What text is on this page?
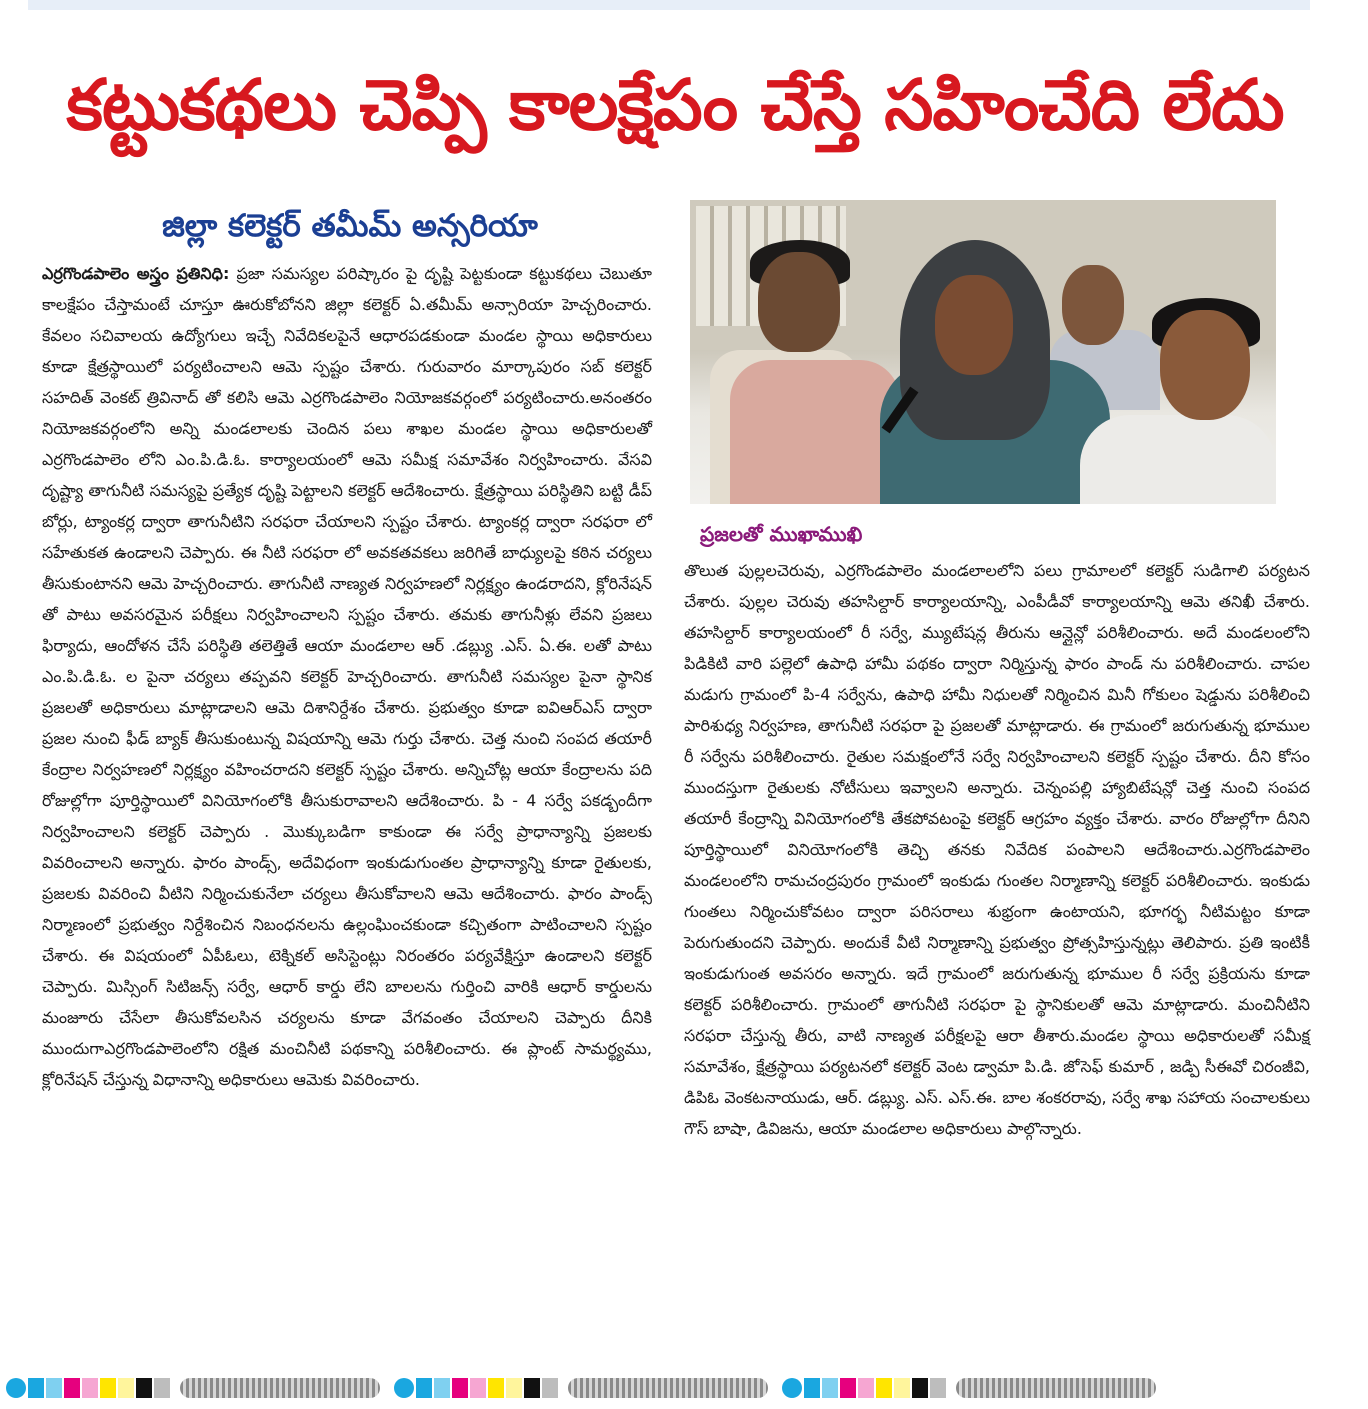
కట్టుకథలు చెప్పి కాలక్షేపం చేస్తే సహించేది లేదు
జిల్లా కలెక్టర్ తమీమ్ అన్సరియా

ఎర్రగొండపాలెం అస్త్రం ప్రతినిధి: ప్రజా సమస్యల పరిష్కారం పై దృష్టి పెట్టకుండా కట్టుకథలు చెబుతూ కాలక్షేపం చేస్తామంటే చూస్తూ ఊరుకోబోనని జిల్లా కలెక్టర్ ఏ.తమీమ్ అన్సారియా హెచ్చరించారు. కేవలం సచివాలయ ఉద్యోగులు ఇచ్చే నివేదికలపైనే ఆధారపడకుండా మండల స్థాయి అధికారులు కూడా క్షేత్రస్థాయిలో పర్యటించాలని ఆమె స్పష్టం చేశారు. గురువారం మార్కాపురం సబ్ కలెక్టర్ సహదిత్ వెంకట్ త్రివినాద్ తో కలిసి ఆమె ఎర్రగొండపాలెం నియోజకవర్గంలో పర్యటించారు.అనంతరం నియోజకవర్గంలోని అన్ని మండలాలకు చెందిన పలు శాఖల మండల స్థాయి అధికారులతో ఎర్రగొండపాలెం లోని ఎం.పి.డి.ఓ. కార్యాలయంలో ఆమె సమీక్ష సమావేశం నిర్వహించారు. వేసవి దృష్ట్యా తాగునీటి సమస్యపై ప్రత్యేక దృష్టి పెట్టాలని కలెక్టర్ ఆదేశించారు. క్షేత్రస్థాయి పరిస్థితిని బట్టి డీప్ బోర్లు, ట్యాంకర్ల ద్వారా తాగునీటిని సరఫరా చేయాలని స్పష్టం చేశారు. ట్యాంకర్ల ద్వారా సరఫరా లో సహేతుకత ఉండాలని చెప్పారు. ఈ నీటి సరఫరా లో అవకతవకలు జరిగితే బాధ్యులపై కఠిన చర్యలు తీసుకుంటానని ఆమె హెచ్చరించారు. తాగునీటి నాణ్యత నిర్వహణలో నిర్లక్ష్యం ఉండరాదని, క్లోరినేషన్ తో పాటు అవసరమైన పరీక్షలు నిర్వహించాలని స్పష్టం చేశారు. తమకు తాగునీళ్లు లేవని ప్రజలు ఫిర్యాదు, ఆందోళన చేసే పరిస్థితి తలెత్తితే ఆయా మండలాల ఆర్ .డబ్ల్యు .ఎస్. ఏ.ఈ. లతో పాటు ఎం.పి.డి.ఓ. ల పైనా చర్యలు తప్పవని కలెక్టర్ హెచ్చరించారు. తాగునీటి సమస్యల పైనా స్థానిక ప్రజలతో అధికారులు మాట్లాడాలని ఆమె దిశానిర్దేశం చేశారు. ప్రభుత్వం కూడా ఐవిఆర్ఎస్ ద్వారా ప్రజల నుంచి ఫీడ్ బ్యాక్ తీసుకుంటున్న విషయాన్ని ఆమె గుర్తు చేశారు. చెత్త నుంచి సంపద తయారీ కేంద్రాల నిర్వహణలో నిర్లక్ష్యం వహించరాదని కలెక్టర్ స్పష్టం చేశారు. అన్నిచోట్ల ఆయా కేంద్రాలను పది రోజుల్లోగా పూర్తిస్థాయిలో వినియోగంలోకి తీసుకురావాలని ఆదేశించారు. పి - 4 సర్వే పకడ్బందీగా నిర్వహించాలని కలెక్టర్ చెప్పారు . మొక్కుబడిగా కాకుండా ఈ సర్వే ప్రాధాన్యాన్ని ప్రజలకు వివరించాలని అన్నారు. ఫారం పాండ్స్, అదేవిధంగా ఇంకుడుగుంతల ప్రాధాన్యాన్ని కూడా రైతులకు, ప్రజలకు వివరించి వీటిని నిర్మించుకునేలా చర్యలు తీసుకోవాలని ఆమె ఆదేశించారు. ఫారం పాండ్స్ నిర్మాణంలో ప్రభుత్వం నిర్దేశించిన నిబంధనలను ఉల్లంఘించకుండా కచ్చితంగా పాటించాలని స్పష్టం చేశారు. ఈ విషయంలో ఏపీఓలు, టెక్నికల్ అసిస్టెంట్లు నిరంతరం పర్యవేక్షిస్తూ ఉండాలని కలెక్టర్ చెప్పారు. మిస్సింగ్ సిటిజన్స్ సర్వే, ఆధార్ కార్డు లేని బాలలను గుర్తించి వారికి ఆధార్ కార్డులను మంజూరు చేసేలా తీసుకోవలసిన చర్యలను కూడా వేగవంతం చేయాలని చెప్పారు దీనికి ముందుగాఎర్రగొండపాలెంలోని రక్షిత మంచినీటి పథకాన్ని పరిశీలించారు. ఈ ప్లాంట్ సామర్థ్యము, క్లోరినేషన్ చేస్తున్న విధానాన్ని అధికారులు ఆమెకు వివరించారు.

ప్రజలతో ముఖాముఖి

తొలుత పుల్లలచెరువు, ఎర్రగొండపాలెం మండలాలలోని పలు గ్రామాలలో కలెక్టర్ సుడిగాలి పర్యటన చేశారు. పుల్లల చెరువు తహసిల్దార్ కార్యాలయాన్ని, ఎంపీడీవో కార్యాలయాన్ని ఆమె తనిఖీ చేశారు. తహసిల్దార్ కార్యాలయంలో రీ సర్వే, మ్యుటేషన్ల తీరును ఆన్లైన్లో పరిశీలించారు. అదే మండలంలోని పిడికిటి వారి పల్లెలో ఉపాధి హామీ పథకం ద్వారా నిర్మిస్తున్న ఫారం పాండ్ ను పరిశీలించారు. చాపల మడుగు గ్రామంలో పి-4 సర్వేను, ఉపాధి హామీ నిధులతో నిర్మించిన మినీ గోకులం షెడ్డును పరిశీలించి పారిశుధ్య నిర్వహణ, తాగునీటి సరఫరా పై ప్రజలతో మాట్లాడారు. ఈ గ్రామంలో జరుగుతున్న భూముల రీ సర్వేను పరిశీలించారు. రైతుల సమక్షంలోనే సర్వే నిర్వహించాలని కలెక్టర్ స్పష్టం చేశారు. దీని కోసం ముందస్తుగా రైతులకు నోటీసులు ఇవ్వాలని అన్నారు. చెన్నంపల్లి హ్యాబిటేషన్లో చెత్త నుంచి సంపద తయారీ కేంద్రాన్ని వినియోగంలోకి తేకపోవటంపై కలెక్టర్ ఆగ్రహం వ్యక్తం చేశారు. వారం రోజుల్లోగా దీనిని పూర్తిస్థాయిలో వినియోగంలోకి తెచ్చి తనకు నివేదిక పంపాలని ఆదేశించారు.ఎర్రగొండపాలెం మండలంలోని రామచంద్రపురం గ్రామంలో ఇంకుడు గుంతల నిర్మాణాన్ని కలెక్టర్ పరిశీలించారు. ఇంకుడు గుంతలు నిర్మించుకోవటం ద్వారా పరిసరాలు శుభ్రంగా ఉంటాయని, భూగర్భ నీటిమట్టం కూడా పెరుగుతుందని చెప్పారు. అందుకే వీటి నిర్మాణాన్ని ప్రభుత్వం ప్రోత్సహిస్తున్నట్లు తెలిపారు. ప్రతి ఇంటికీ ఇంకుడుగుంత అవసరం అన్నారు. ఇదే గ్రామంలో జరుగుతున్న భూముల రీ సర్వే ప్రక్రియను కూడా కలెక్టర్ పరిశీలించారు. గ్రామంలో తాగునీటి సరఫరా పై స్థానికులతో ఆమె మాట్లాడారు. మంచినీటిని సరఫరా చేస్తున్న తీరు, వాటి నాణ్యత పరీక్షలపై ఆరా తీశారు.మండల స్థాయి అధికారులతో సమీక్ష సమావేశం, క్షేత్రస్థాయి పర్యటనలో కలెక్టర్ వెంట డ్వామా పి.డి. జోసెఫ్ కుమార్ , జడ్పి సీఈవో చిరంజీవి, డిపిఓ వెంకటనాయుడు, ఆర్. డబ్ల్యు. ఎస్. ఎస్.ఈ. బాల శంకరరావు, సర్వే శాఖ సహాయ సంచాలకులు గౌస్ బాషా, డివిజను, ఆయా మండలాల అధికారులు పాల్గొన్నారు.
